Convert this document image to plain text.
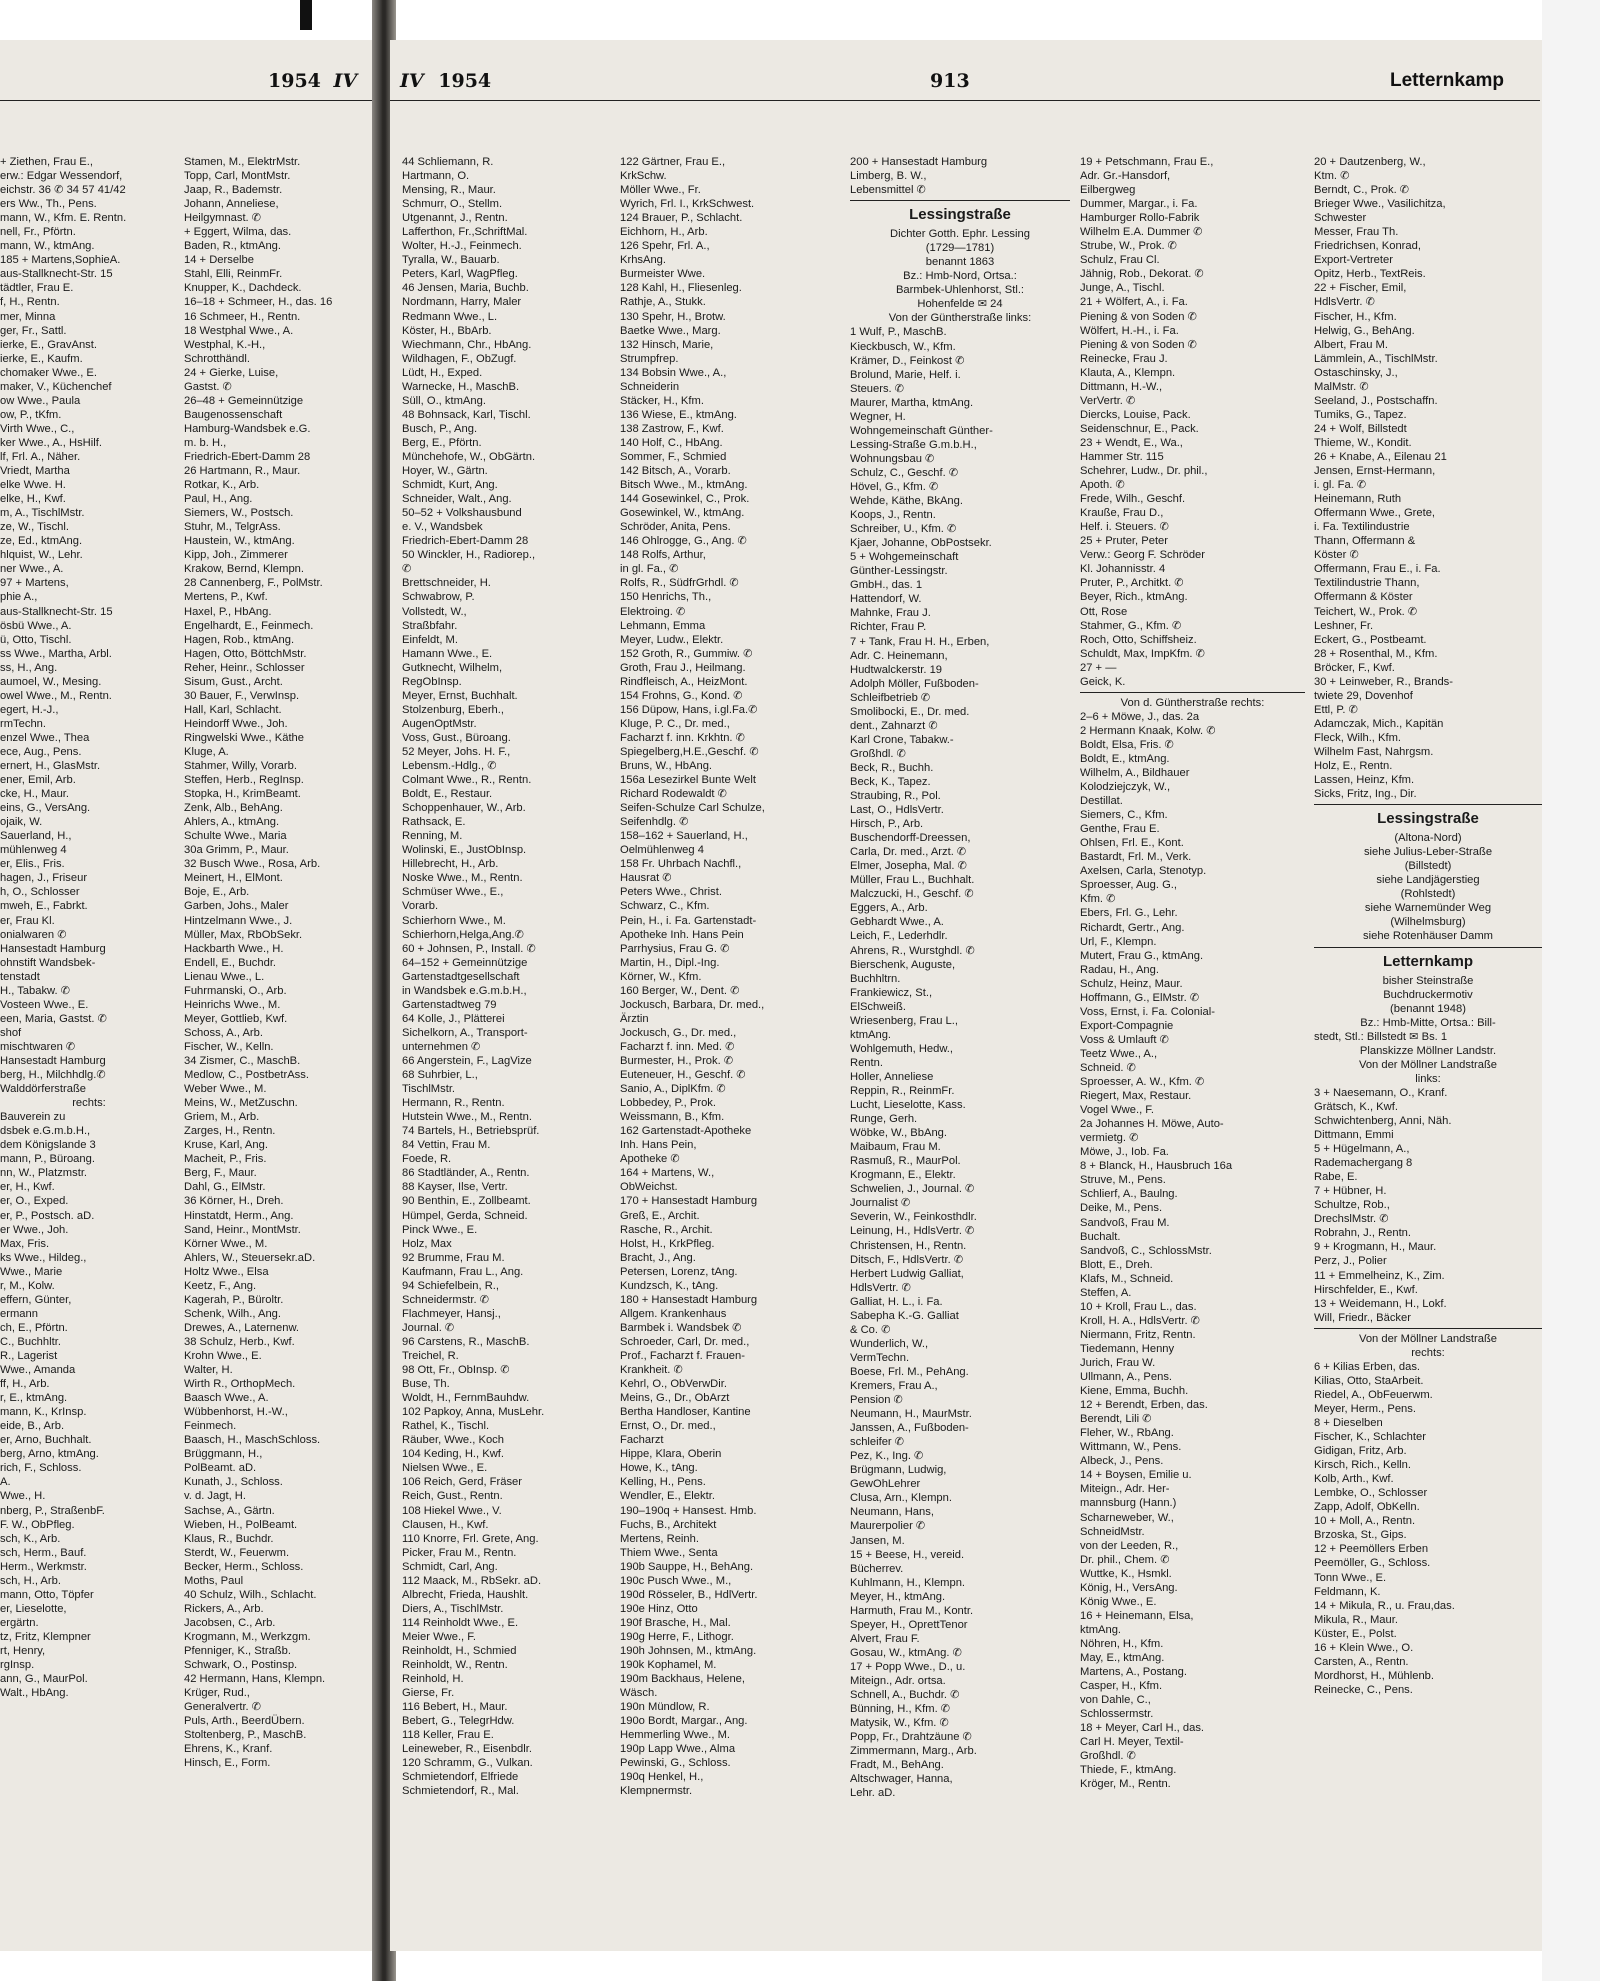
1954 IV
+ Ziethen, Frau E.,
erw.: Edgar Wessendorf,
eichstr. 36 ✆ 34 57 41/42
ers Ww., Th., Pens.
mann, W., Kfm. E. Rentn.
nell, Fr., Pförtn.
mann, W., ktmAng.
185 + Martens,SophieA.
aus-Stallknecht-Str. 15
tädtler, Frau E.
f, H., Rentn.
mer, Minna
ger, Fr., Sattl.
ierke, E., GravAnst.
ierke, E., Kaufm.
chomaker Wwe., E.
maker, V., Küchenchef
ow Wwe., Paula
ow, P., tKfm.
Virth Wwe., C.,
ker Wwe., A., HsHilf.
lf, Frl. A., Näher.
Vriedt, Martha
elke Wwe. H.
elke, H., Kwf.
m, A., TischlMstr.
ze, W., Tischl.
ze, Ed., ktmAng.
hlquist, W., Lehr.
ner Wwe., A.
97 + Martens,
phie A.,
aus-Stallknecht-Str. 15
ösbü Wwe., A.
ü, Otto, Tischl.
ss Wwe., Martha, Arbl.
ss, H., Ang.
aumoel, W., Mesing.
owel Wwe., M., Rentn.
egert, H.-J.,
rmTechn.
enzel Wwe., Thea
ece, Aug., Pens.
ernert, H., GlasMstr.
ener, Emil, Arb.
cke, H., Maur.
eins, G., VersAng.
ojaik, W.
Sauerland, H.,
mühlenweg 4
er, Elis., Fris.
hagen, J., Friseur
h, O., Schlosser
mweh, E., Fabrkt.
er, Frau Kl.
onialwaren ✆
Hansestadt Hamburg
ohnstift Wandsbek-
tenstadt
H., Tabakw. ✆
Vosteen Wwe., E.
een, Maria, Gastst. ✆
shof
mischtwaren ✆
Hansestadt Hamburg
berg, H., Milchhdlg.✆
Walddörferstraße
rechts:
Bauverein zu
dsbek e.G.m.b.H.,
dem Königslande 3
mann, P., Büroang.
nn, W., Platzmstr.
er, H., Kwf.
er, O., Exped.
er, P., Postsch. aD.
er Wwe., Joh.
Max, Fris.
ks Wwe., Hildeg.,
Wwe., Marie
r, M., Kolw.
effern, Günter,
ermann
ch, E., Pförtn.
C., Buchhltr.
R., Lagerist
Wwe., Amanda
ff, H., Arb.
r, E., ktmAng.
mann, K., KrInsp.
eide, B., Arb.
er, Arno, Buchhalt.
berg, Arno, ktmAng.
rich, F., Schloss.
A.
Wwe., H.
nberg, P., StraßenbF.
F. W., ObPfleg.
sch, K., Arb.
sch, Herm., Bauf.
Herm., Werkmstr.
sch, H., Arb.
mann, Otto, Töpfer
er, Lieselotte,
ergärtn.
tz, Fritz, Klempner
rt, Henry,
rgInsp.
ann, G., MaurPol.
Walt., HbAng.
Stamen, M., ElektrMstr.
Topp, Carl, MontMstr.
Jaap, R., Bademstr.
Johann, Anneliese,
Heilgymnast. ✆
+ Eggert, Wilma, das.
Baden, R., ktmAng.
14 + Derselbe
Stahl, Elli, ReinmFr.
Knupper, K., Dachdeck.
16–18 + Schmeer, H., das. 16
16 Schmeer, H., Rentn.
18 Westphal Wwe., A.
Westphal, K.-H.,
Schrotthändl.
24 + Gierke, Luise,
Gastst. ✆
26–48 + Gemeinnützige
Baugenossenschaft
Hamburg-Wandsbek e.G.
m. b. H.,
Friedrich-Ebert-Damm 28
26 Hartmann, R., Maur.
Rotkar, K., Arb.
Paul, H., Ang.
Siemers, W., Postsch.
Stuhr, M., TelgrAss.
Haustein, W., ktmAng.
Kipp, Joh., Zimmerer
Krakow, Bernd, Klempn.
28 Cannenberg, F., PolMstr.
Mertens, P., Kwf.
Haxel, P., HbAng.
Engelhardt, E., Feinmech.
Hagen, Rob., ktmAng.
Hagen, Otto, BöttchMstr.
Reher, Heinr., Schlosser
Sisum, Gust., Archt.
30 Bauer, F., VerwInsp.
Hall, Karl, Schlacht.
Heindorff Wwe., Joh.
Ringwelski Wwe., Käthe
Kluge, A.
Stahmer, Willy, Vorarb.
Steffen, Herb., RegInsp.
Stopka, H., KrimBeamt.
Zenk, Alb., BehAng.
Ahlers, A., ktmAng.
Schulte Wwe., Maria
30a Grimm, P., Maur.
32 Busch Wwe., Rosa, Arb.
Meinert, H., ElMont.
Boje, E., Arb.
Garben, Johs., Maler
Hintzelmann Wwe., J.
Müller, Max, RbObSekr.
Hackbarth Wwe., H.
Endell, E., Buchdr.
Lienau Wwe., L.
Fuhrmanski, O., Arb.
Heinrichs Wwe., M.
Meyer, Gottlieb, Kwf.
Schoss, A., Arb.
Fischer, W., Kelln.
34 Zismer, C., MaschB.
Medlow, C., PostbetrAss.
Weber Wwe., M.
Meins, W., MetZuschn.
Griem, M., Arb.
Zarges, H., Rentn.
Kruse, Karl, Ang.
Macheit, P., Fris.
Berg, F., Maur.
Dahl, G., ElMstr.
36 Körner, H., Dreh.
Hinstatdt, Herm., Ang.
Sand, Heinr., MontMstr.
Körner Wwe., M.
Ahlers, W., Steuersekr.aD.
Holtz Wwe., Elsa
Keetz, F., Ang.
Kagerah, P., Büroltr.
Schenk, Wilh., Ang.
Drewes, A., Laternenw.
38 Schulz, Herb., Kwf.
Krohn Wwe., E.
Walter, H.
Wirth R., OrthopMech.
Baasch Wwe., A.
Wübbenhorst, H.-W.,
Feinmech.
Baasch, H., MaschSchloss.
Brüggmann, H.,
PolBeamt. aD.
Kunath, J., Schloss.
v. d. Jagt, H.
Sachse, A., Gärtn.
Wieben, H., PolBeamt.
Klaus, R., Buchdr.
Sterdt, W., Feuerwm.
Becker, Herm., Schloss.
Moths, Paul
40 Schulz, Wilh., Schlacht.
Rickers, A., Arb.
Jacobsen, C., Arb.
Krogmann, M., Werkzgm.
Pfenniger, K., Straßb.
Schwark, O., Postinsp.
42 Hermann, Hans, Klempn.
Krüger, Rud.,
Generalvertr. ✆
Puls, Arth., BeerdÜbern.
Stoltenberg, P., MaschB.
Ehrens, K., Kranf.
Hinsch, E., Form.
IV 1954	913	Letternkamp
44 Schliemann, R.
Hartmann, O.
Mensing, R., Maur.
Schmurr, O., Stellm.
Utgenannt, J., Rentn.
Lafferthon, Fr.,SchriftMal.
Wolter, H.-J., Feinmech.
Tyralla, W., Bauarb.
Peters, Karl, WagPfleg.
46 Jensen, Maria, Buchb.
Nordmann, Harry, Maler
Redmann Wwe., L.
Köster, H., BbArb.
Wiechmann, Chr., HbAng.
Wildhagen, F., ObZugf.
Lüdt, H., Exped.
Warnecke, H., MaschB.
Süll, O., ktmAng.
48 Bohnsack, Karl, Tischl.
Busch, P., Ang.
Berg, E., Pförtn.
Münchehofe, W., ObGärtn.
Hoyer, W., Gärtn.
Schmidt, Kurt, Ang.
Schneider, Walt., Ang.
50–52 + Volkshausbund
e. V., Wandsbek
Friedrich-Ebert-Damm 28
50 Winckler, H., Radiorep.,
✆
Brettschneider, H.
Schwabrow, P.
Vollstedt, W.,
Straßbfahr.
Einfeldt, M.
Hamann Wwe., E.
Gutknecht, Wilhelm,
RegObInsp.
Meyer, Ernst, Buchhalt.
Stolzenburg, Eberh.,
AugenOptMstr.
Voss, Gust., Büroang.
52 Meyer, Johs. H. F.,
Lebensm.-Hdlg., ✆
Colmant Wwe., R., Rentn.
Boldt, E., Restaur.
Schoppenhauer, W., Arb.
Rathsack, E.
Renning, M.
Wolinski, E., JustObInsp.
Hillebrecht, H., Arb.
Noske Wwe., M., Rentn.
Schmüser Wwe., E.,
Vorarb.
Schierhorn Wwe., M.
Schierhorn,Helga,Ang.✆
60 + Johnsen, P., Install. ✆
64–152 + Gemeinnützige
Gartenstadtgesellschaft
in Wandsbek e.G.m.b.H.,
Gartenstadtweg 79
64 Kolle, J., Plätterei
Sichelkorn, A., Transport-
unternehmen ✆
66 Angerstein, F., LagVize
68 Suhrbier, L.,
TischlMstr.
Hermann, R., Rentn.
Hutstein Wwe., M., Rentn.
74 Bartels, H., Betriebsprüf.
84 Vettin, Frau M.
Foede, R.
86 Stadtländer, A., Rentn.
88 Kayser, Ilse, Vertr.
90 Benthin, E., Zollbeamt.
Hümpel, Gerda, Schneid.
Pinck Wwe., E.
Holz, Max
92 Brumme, Frau M.
Kaufmann, Frau L., Ang.
94 Schiefelbein, R.,
Schneidermstr. ✆
Flachmeyer, Hansj.,
Journal. ✆
96 Carstens, R., MaschB.
Treichel, R.
98 Ott, Fr., ObInsp. ✆
Buse, Th.
Woldt, H., FernmBauhdw.
102 Papkoy, Anna, MusLehr.
Rathel, K., Tischl.
Räuber, Wwe., Koch
104 Keding, H., Kwf.
Nielsen Wwe., E.
106 Reich, Gerd, Fräser
Reich, Gust., Rentn.
108 Hiekel Wwe., V.
Clausen, H., Kwf.
110 Knorre, Frl. Grete, Ang.
Picker, Frau M., Rentn.
Schmidt, Carl, Ang.
112 Maack, M., RbSekr. aD.
Albrecht, Frieda, Haushlt.
Diers, A., TischlMstr.
114 Reinholdt Wwe., E.
Meier Wwe., F.
Reinholdt, H., Schmied
Reinholdt, W., Rentn.
Reinhold, H.
Gierse, Fr.
116 Bebert, H., Maur.
Bebert, G., TelegrHdw.
118 Keller, Frau E.
Leineweber, R., Eisenbdlr.
120 Schramm, G., Vulkan.
Schmietendorf, Elfriede
Schmietendorf, R., Mal.
122 Gärtner, Frau E.,
KrkSchw.
Möller Wwe., Fr.
Wyrich, Frl. I., KrkSchwest.
124 Brauer, P., Schlacht.
Eichhorn, H., Arb.
126 Spehr, Frl. A.,
KrhsAng.
Burmeister Wwe.
128 Kahl, H., Fliesenleg.
Rathje, A., Stukk.
130 Spehr, H., Brotw.
Baetke Wwe., Marg.
132 Hinsch, Marie,
Strumpfrep.
134 Bobsin Wwe., A.,
Schneiderin
Stäcker, H., Kfm.
136 Wiese, E., ktmAng.
138 Zastrow, F., Kwf.
140 Holf, C., HbAng.
Sommer, F., Schmied
142 Bitsch, A., Vorarb.
Bitsch Wwe., M., ktmAng.
144 Gosewinkel, C., Prok.
Gosewinkel, W., ktmAng.
Schröder, Anita, Pens.
146 Ohlrogge, G., Ang. ✆
148 Rolfs, Arthur,
in gl. Fa., ✆
Rolfs, R., SüdfrGrhdl. ✆
150 Henrichs, Th.,
Elektroing. ✆
Lehmann, Emma
Meyer, Ludw., Elektr.
152 Groth, R., Gummiw. ✆
Groth, Frau J., Heilmang.
Rindfleisch, A., HeizMont.
154 Frohns, G., Kond. ✆
156 Düpow, Hans, i.gl.Fa.✆
Kluge, P. C., Dr. med.,
Facharzt f. inn. Krkhtn. ✆
Spiegelberg,H.E.,Geschf. ✆
Bruns, W., HbAng.
156a Lesezirkel Bunte Welt
Richard Rodewaldt ✆
Seifen-Schulze Carl Schulze,
Seifenhdlg. ✆
158–162 + Sauerland, H.,
Oelmühlenweg 4
158 Fr. Uhrbach Nachfl.,
Hausrat ✆
Peters Wwe., Christ.
Schwarz, C., Kfm.
Pein, H., i. Fa. Gartenstadt-
Apotheke Inh. Hans Pein
Parrhysius, Frau G. ✆
Martin, H., Dipl.-Ing.
Körner, W., Kfm.
160 Berger, W., Dent. ✆
Jockusch, Barbara, Dr. med.,
Ärztin
Jockusch, G., Dr. med.,
Facharzt f. inn. Med. ✆
Burmester, H., Prok. ✆
Euteneuer, H., Geschf. ✆
Sanio, A., DiplKfm. ✆
Lobbedey, P., Prok.
Weissmann, B., Kfm.
162 Gartenstadt-Apotheke
Inh. Hans Pein,
Apotheke ✆
164 + Martens, W.,
ObWeichst.
170 + Hansestadt Hamburg
Greß, E., Archit.
Rasche, R., Archit.
Holst, H., KrkPfleg.
Bracht, J., Ang.
Petersen, Lorenz, tAng.
Kundzsch, K., tAng.
180 + Hansestadt Hamburg
Allgem. Krankenhaus
Barmbek i. Wandsbek ✆
Schroeder, Carl, Dr. med.,
Prof., Facharzt f. Frauen-
Krankheit. ✆
Kehrl, O., ObVerwDir.
Meins, G., Dr., ObArzt
Bertha Handloser, Kantine
Ernst, O., Dr. med.,
Facharzt
Hippe, Klara, Oberin
Howe, K., tAng.
Kelling, H., Pens.
Wendler, E., Elektr.
190–190q + Hansest. Hmb.
Fuchs, B., Architekt
Mertens, Reinh.
Thiem Wwe., Senta
190b Sauppe, H., BehAng.
190c Pusch Wwe., M.,
190d Rösseler, B., HdlVertr.
190e Hinz, Otto
190f Brasche, H., Mal.
190g Herre, F., Lithogr.
190h Johnsen, M., ktmAng.
190k Kophamel, M.
190m Backhaus, Helene,
Wäsch.
190n Mündlow, R.
190o Bordt, Margar., Ang.
Hemmerling Wwe., M.
190p Lapp Wwe., Alma
Pewinski, G., Schloss.
190q Henkel, H.,
Klempnermstr.
200 + Hansestadt Hamburg
Limberg, B. W.,
Lebensmittel ✆
Lessingstraße
Dichter Gotth. Ephr. Lessing
(1729—1781)
benannt 1863
Bz.: Hmb-Nord, Ortsa.:
Barmbek-Uhlenhorst, Stl.:
Hohenfelde ✉ 24
Von der Güntherstraße links:
1 Wulf, P., MaschB.
Kieckbusch, W., Kfm.
Krämer, D., Feinkost ✆
Brolund, Marie, Helf. i.
Steuers. ✆
Maurer, Martha, ktmAng.
Wegner, H.
Wohngemeinschaft Günther-
Lessing-Straße G.m.b.H.,
Wohnungsbau ✆
Schulz, C., Geschf. ✆
Hövel, G., Kfm. ✆
Wehde, Käthe, BkAng.
Koops, J., Rentn.
Schreiber, U., Kfm. ✆
Kjaer, Johanne, ObPostsekr.
5 + Wohgemeinschaft
Günther-Lessingstr.
GmbH., das. 1
Hattendorf, W.
Mahnke, Frau J.
Richter, Frau P.
7 + Tank, Frau H. H., Erben,
Adr. C. Heinemann,
Hudtwalckerstr. 19
Adolph Möller, Fußboden-
Schleifbetrieb ✆
Smolibocki, E., Dr. med.
dent., Zahnarzt ✆
Karl Crone, Tabakw.-
Großhdl. ✆
Beck, R., Buchh.
Beck, K., Tapez.
Straubing, R., Pol.
Last, O., HdlsVertr.
Hirsch, P., Arb.
Buschendorff-Dreessen,
Carla, Dr. med., Arzt. ✆
Elmer, Josepha, Mal. ✆
Müller, Frau L., Buchhalt.
Malczucki, H., Geschf. ✆
Eggers, A., Arb.
Gebhardt Wwe., A.
Leich, F., Lederhdlr.
Ahrens, R., Wurstghdl. ✆
Bierschenk, Auguste,
Buchhltrn.
Frankiewicz, St.,
ElSchweiß.
Wriesenberg, Frau L.,
ktmAng.
Wohlgemuth, Hedw.,
Rentn.
Holler, Anneliese
Reppin, R., ReinmFr.
Lucht, Lieselotte, Kass.
Runge, Gerh.
Wöbke, W., BbAng.
Maibaum, Frau M.
Rasmuß, R., MaurPol.
Krogmann, E., Elektr.
Schwelien, J., Journal. ✆
Journalist ✆
Severin, W., Feinkosthdlr.
Leinung, H., HdlsVertr. ✆
Christensen, H., Rentn.
Ditsch, F., HdlsVertr. ✆
Herbert Ludwig Galliat,
HdlsVertr. ✆
Galliat, H. L., i. Fa.
Sabepha K.-G. Galliat
& Co. ✆
Wunderlich, W.,
VermTechn.
Boese, Frl. M., PehAng.
Kremers, Frau A.,
Pension ✆
Neumann, H., MaurMstr.
Janssen, A., Fußboden-
schleifer ✆
Pez, K., Ing. ✆
Brügmann, Ludwig,
GewOhLehrer
Clusa, Arn., Klempn.
Neumann, Hans,
Maurerpolier ✆
Jansen, M.
15 + Beese, H., vereid.
Bücherrev.
Kuhlmann, H., Klempn.
Meyer, H., ktmAng.
Harmuth, Frau M., Kontr.
Speyer, H., OprettTenor
Alvert, Frau F.
Gosau, W., ktmAng. ✆
17 + Popp Wwe., D., u.
Miteign., Adr. ortsa.
Schnell, A., Buchdr. ✆
Bünning, H., Kfm. ✆
Matysik, W., Kfm. ✆
Popp, Fr., Drahtzäune ✆
Zimmermann, Marg., Arb.
Fradt, M., BehAng.
Altschwager, Hanna,
Lehr. aD.
19 + Petschmann, Frau E.,
Adr. Gr.-Hansdorf,
Eilbergweg
Dummer, Margar., i. Fa.
Hamburger Rollo-Fabrik
Wilhelm E.A. Dummer ✆
Strube, W., Prok. ✆
Schulz, Frau Cl.
Jähnig, Rob., Dekorat. ✆
Junge, A., Tischl.
21 + Wölfert, A., i. Fa.
Piening & von Soden ✆
Wölfert, H.-H., i. Fa.
Piening & von Soden ✆
Reinecke, Frau J.
Klauta, A., Klempn.
Dittmann, H.-W.,
VerVertr. ✆
Diercks, Louise, Pack.
Seidenschnur, E., Pack.
23 + Wendt, E., Wa.,
Hammer Str. 115
Schehrer, Ludw., Dr. phil.,
Apoth. ✆
Frede, Wilh., Geschf.
Krauße, Frau D.,
Helf. i. Steuers. ✆
25 + Pruter, Peter
Verw.: Georg F. Schröder
Kl. Johannisstr. 4
Pruter, P., Architkt. ✆
Beyer, Rich., ktmAng.
Ott, Rose
Stahmer, G., Kfm. ✆
Roch, Otto, Schiffsheiz.
Schuldt, Max, ImpKfm. ✆
27 + —
Geick, K.
Von d. Güntherstraße rechts:
2–6 + Möwe, J., das. 2a
2 Hermann Knaak, Kolw. ✆
Boldt, Elsa, Fris. ✆
Boldt, E., ktmAng.
Wilhelm, A., Bildhauer
Kolodziejczyk, W.,
Destillat.
Siemers, C., Kfm.
Genthe, Frau E.
Ohlsen, Frl. E., Kont.
Bastardt, Frl. M., Verk.
Axelsen, Carla, Stenotyp.
Sproesser, Aug. G.,
Kfm. ✆
Ebers, Frl. G., Lehr.
Richardt, Gertr., Ang.
Url, F., Klempn.
Mutert, Frau G., ktmAng.
Radau, H., Ang.
Schulz, Heinz, Maur.
Hoffmann, G., ElMstr. ✆
Voss, Ernst, i. Fa. Colonial-
Export-Compagnie
Voss & Umlauft ✆
Teetz Wwe., A.,
Schneid. ✆
Sproesser, A. W., Kfm. ✆
Riegert, Max, Restaur.
Vogel Wwe., F.
2a Johannes H. Möwe, Auto-
vermietg. ✆
Möwe, J., Iob. Fa.
8 + Blanck, H., Hausbruch 16a
Struve, M., Pens.
Schlierf, A., Baulng.
Deike, M., Pens.
Sandvoß, Frau M.
Buchalt.
Sandvoß, C., SchlossMstr.
Blott, E., Dreh.
Klafs, M., Schneid.
Steffen, A.
10 + Kroll, Frau L., das.
Kroll, H. A., HdlsVertr. ✆
Niermann, Fritz, Rentn.
Tiedemann, Henny
Jurich, Frau W.
Ullmann, A., Pens.
Kiene, Emma, Buchh.
12 + Berendt, Erben, das.
Berendt, Lili ✆
Fleher, W., RbAng.
Wittmann, W., Pens.
Albeck, J., Pens.
14 + Boysen, Emilie u.
Miteign., Adr. Her-
mannsburg (Hann.)
Scharneweber, W.,
SchneidMstr.
von der Leeden, R.,
Dr. phil., Chem. ✆
Wuttke, K., Hsmkl.
König, H., VersAng.
König Wwe., E.
16 + Heinemann, Elsa,
ktmAng.
Nöhren, H., Kfm.
May, E., ktmAng.
Martens, A., Postang.
Casper, H., Kfm.
von Dahle, C.,
Schlossermstr.
18 + Meyer, Carl H., das.
Carl H. Meyer, Textil-
Großhdl. ✆
Thiede, F., ktmAng.
Kröger, M., Rentn.
20 + Dautzenberg, W.,
Ktm. ✆
Berndt, C., Prok. ✆
Brieger Wwe., Vasilichitza,
Schwester
Messer, Frau Th.
Friedrichsen, Konrad,
Export-Vertreter
Opitz, Herb., TextReis.
22 + Fischer, Emil,
HdlsVertr. ✆
Fischer, H., Kfm.
Helwig, G., BehAng.
Albert, Frau M.
Lämmlein, A., TischlMstr.
Ostaschinsky, J.,
MalMstr. ✆
Seeland, J., Postschaffn.
Tumiks, G., Tapez.
24 + Wolf, Billstedt
Thieme, W., Kondit.
26 + Knabe, A., Eilenau 21
Jensen, Ernst-Hermann,
i. gl. Fa. ✆
Heinemann, Ruth
Offermann Wwe., Grete,
i. Fa. Textilindustrie
Thann, Offermann &
Köster ✆
Offermann, Frau E., i. Fa.
Textilindustrie Thann,
Offermann & Köster
Teichert, W., Prok. ✆
Leshner, Fr.
Eckert, G., Postbeamt.
28 + Rosenthal, M., Kfm.
Bröcker, F., Kwf.
30 + Leinweber, R., Brands-
twiete 29, Dovenhof
Ettl, P. ✆
Adamczak, Mich., Kapitän
Fleck, Wilh., Kfm.
Wilhelm Fast, Nahrgsm.
Holz, E., Rentn.
Lassen, Heinz, Kfm.
Sicks, Fritz, Ing., Dir.
Lessingstraße
(Altona-Nord)
siehe Julius-Leber-Straße
(Billstedt)
siehe Landjägerstieg
(Rohlstedt)
siehe Warnemünder Weg
(Wilhelmsburg)
siehe Rotenhäuser Damm
Letternkamp
bisher Steinstraße
Buchdruckermotiv
(benannt 1948)
Bz.: Hmb-Mitte, Ortsa.: Bill-
stedt, Stl.: Billstedt ✉ Bs. 1
Planskizze Möllner Landstr.
Von der Möllner Landstraße
links:
3 + Naesemann, O., Kranf.
Grätsch, K., Kwf.
Schwichtenberg, Anni, Näh.
Dittmann, Emmi
5 + Hügelmann, A.,
Rademachergang 8
Rabe, E.
7 + Hübner, H.
Schultze, Rob.,
DrechslMstr. ✆
Robrahn, J., Rentn.
9 + Krogmann, H., Maur.
Perz, J., Polier
11 + Emmelheinz, K., Zim.
Hirschfelder, E., Kwf.
13 + Weidemann, H., Lokf.
Will, Friedr., Bäcker
Von der Möllner Landstraße
rechts:
6 + Kilias Erben, das.
Kilias, Otto, StaArbeit.
Riedel, A., ObFeuerwm.
Meyer, Herm., Pens.
8 + Dieselben
Fischer, K., Schlachter
Gidigan, Fritz, Arb.
Kirsch, Rich., Kelln.
Kolb, Arth., Kwf.
Lembke, O., Schlosser
Zapp, Adolf, ObKelln.
10 + Moll, A., Rentn.
Brzoska, St., Gips.
12 + Peemöllers Erben
Peemöller, G., Schloss.
Tonn Wwe., E.
Feldmann, K.
14 + Mikula, R., u. Frau,das.
Mikula, R., Maur.
Küster, E., Polst.
16 + Klein Wwe., O.
Carsten, A., Rentn.
Mordhorst, H., Mühlenb.
Reinecke, C., Pens.
